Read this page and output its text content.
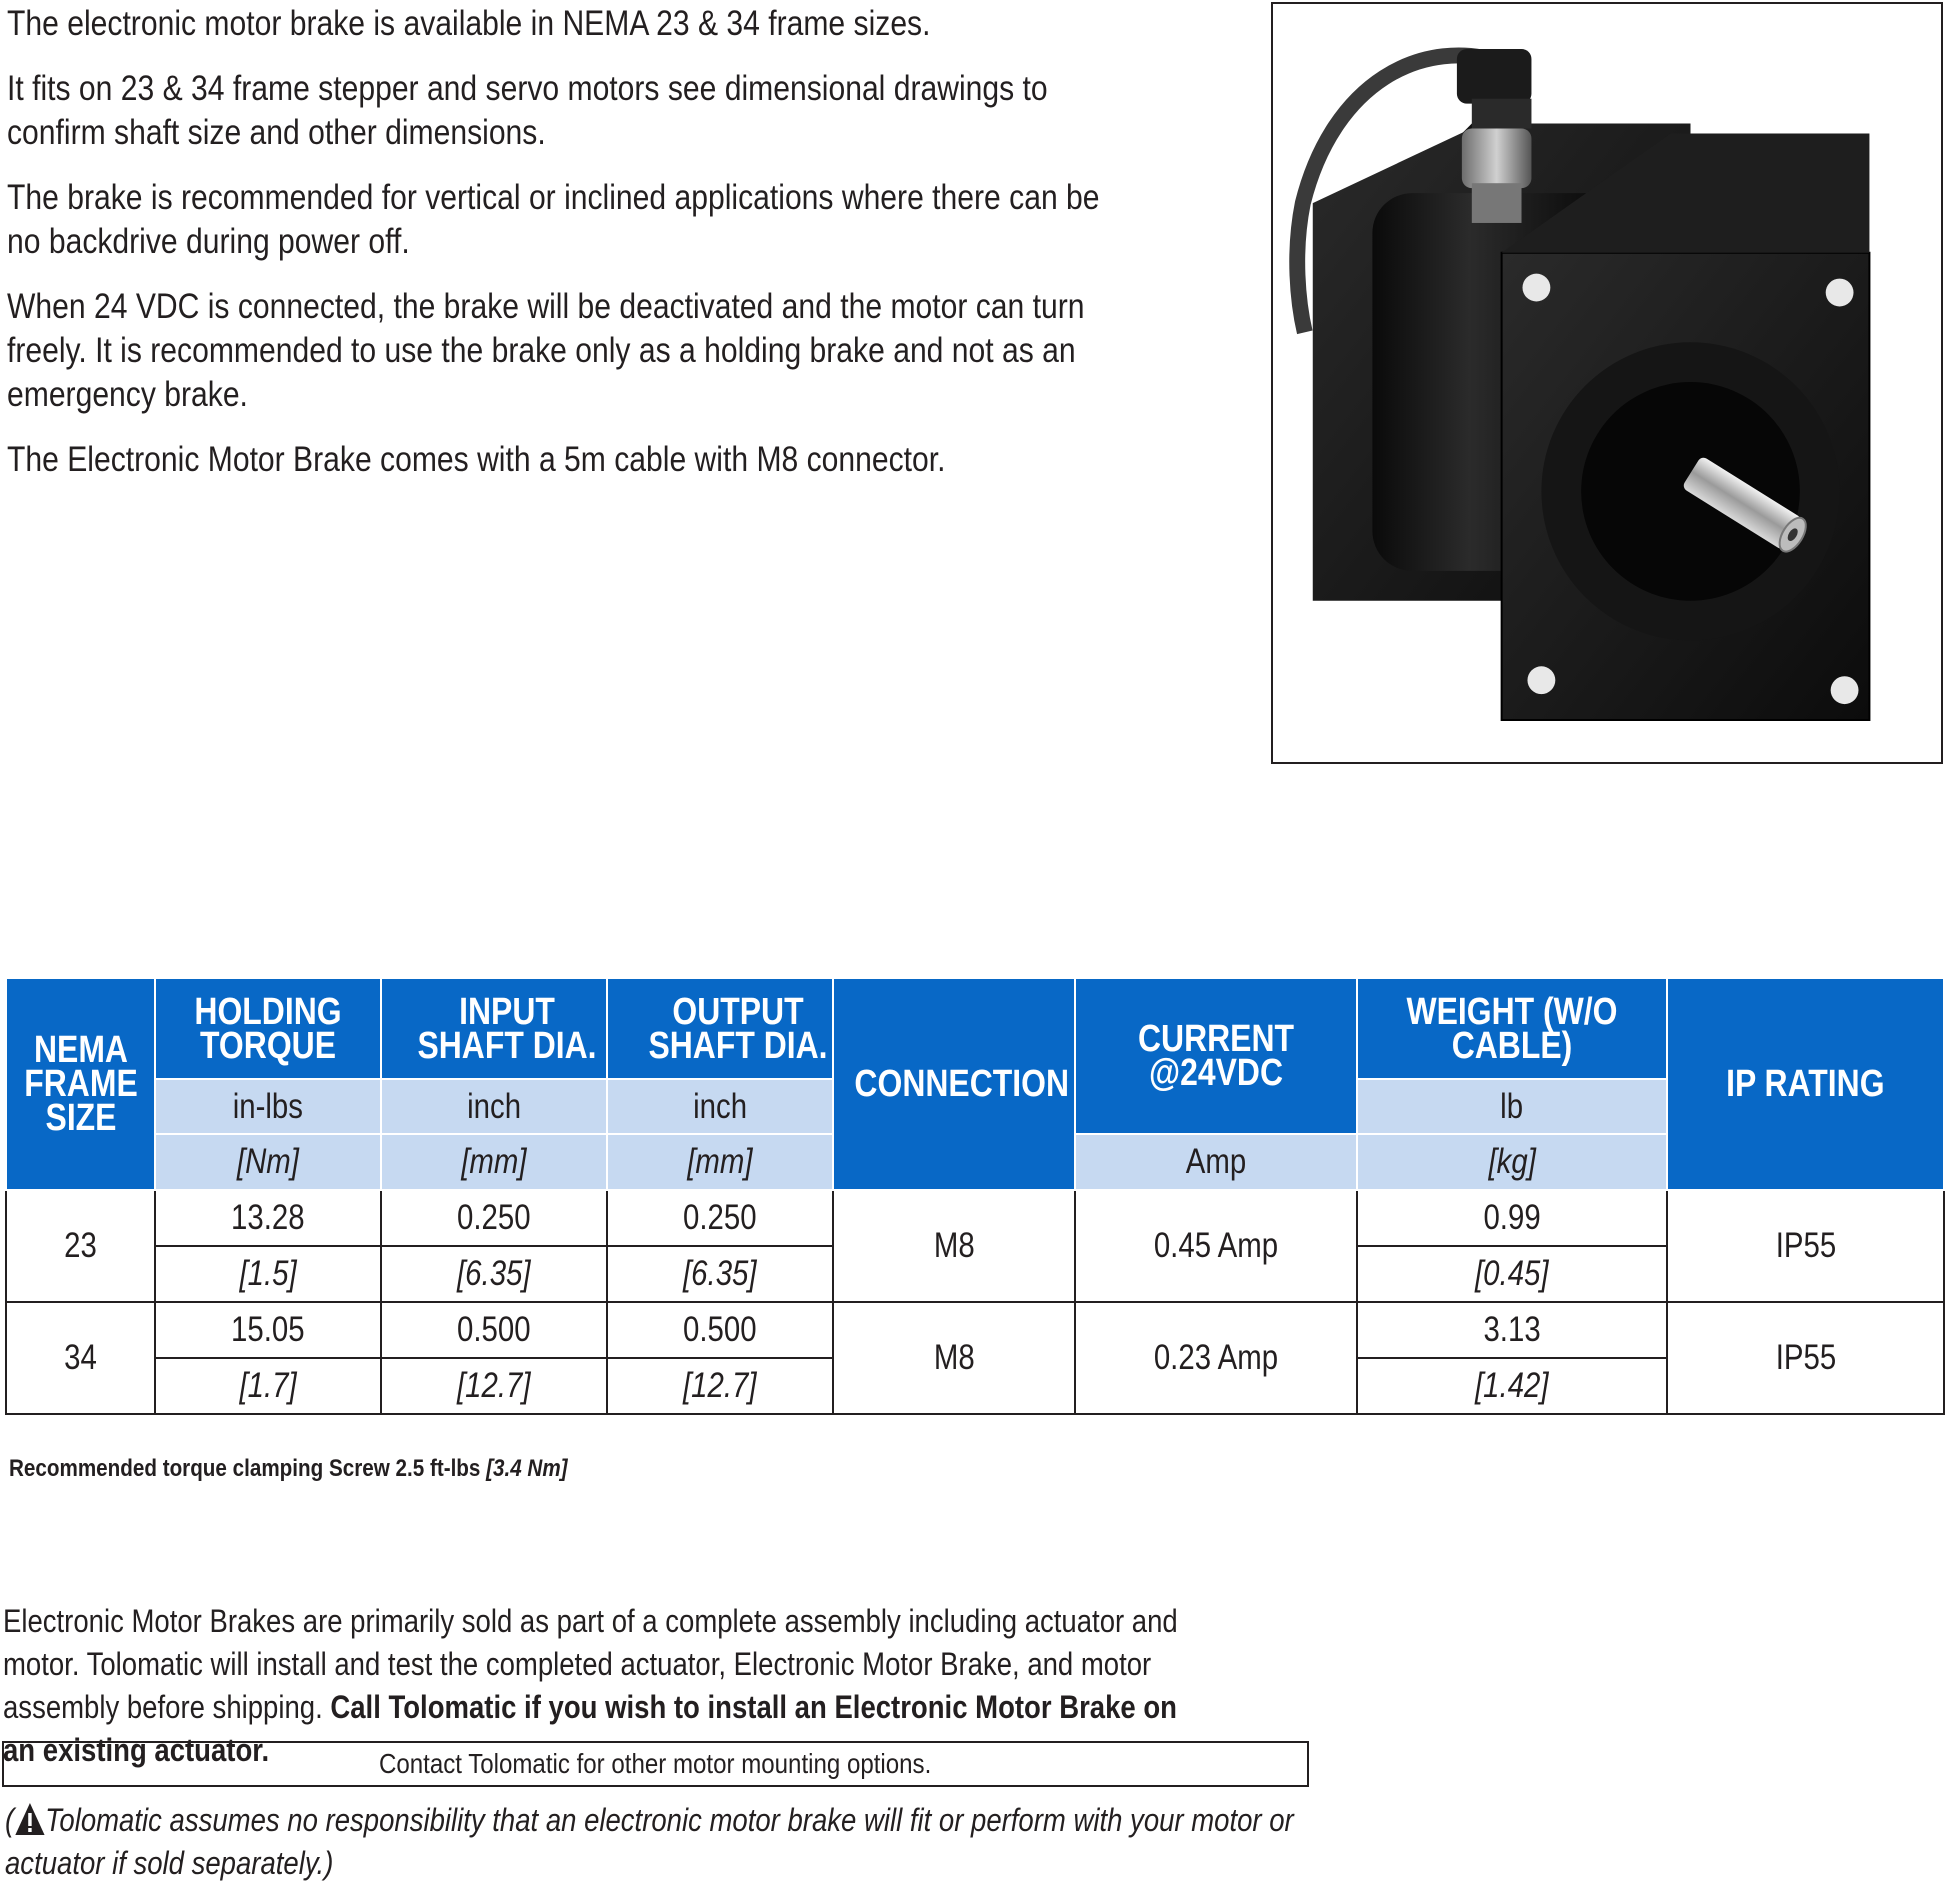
The electronic motor brake is available in NEMA 23 & 34 frame sizes.

It fits on 23 & 34 frame stepper and servo motors see dimensional drawings to confirm shaft size and other dimensions.

The brake is recommended for vertical or inclined applications where there can be no backdrive during power off.

When 24 VDC is connected, the brake will be deactivated and the motor can turn freely. It is recommended to use the brake only as a holding brake and not as an emergency brake.

The Electronic Motor Brake comes with a 5m cable with M8 connector.

NEMA FRAME SIZE	HOLDING TORQUE	INPUT SHAFT DIA.	OUTPUT SHAFT DIA.	CONNECTION	CURRENT @24VDC	WEIGHT (W/O CABLE)	IP RATING
	in-lbs	inch	inch			lb	
	[Nm]	[mm]	[mm]		Amp	[kg]	
23	13.28	0.250	0.250	M8	0.45 Amp	0.99	IP55
	[1.5]	[6.35]	[6.35]			[0.45]	
34	15.05	0.500	0.500	M8	0.23 Amp	3.13	IP55
	[1.7]	[12.7]	[12.7]			[1.42]	
Recommended torque clamping Screw 2.5 ft-lbs [3.4 Nm]
Electronic Motor Brakes are primarily sold as part of a complete assembly including actuator and motor. Tolomatic will install and test the completed actuator, Electronic Motor Brake, and motor assembly before shipping. Call Tolomatic if you wish to install an Electronic Motor Brake on an existing actuator.	Contact Tolomatic for other motor mounting options.
( Tolomatic assumes no responsibility that an electronic motor brake will fit or perform with your motor or actuator if sold separately.)
